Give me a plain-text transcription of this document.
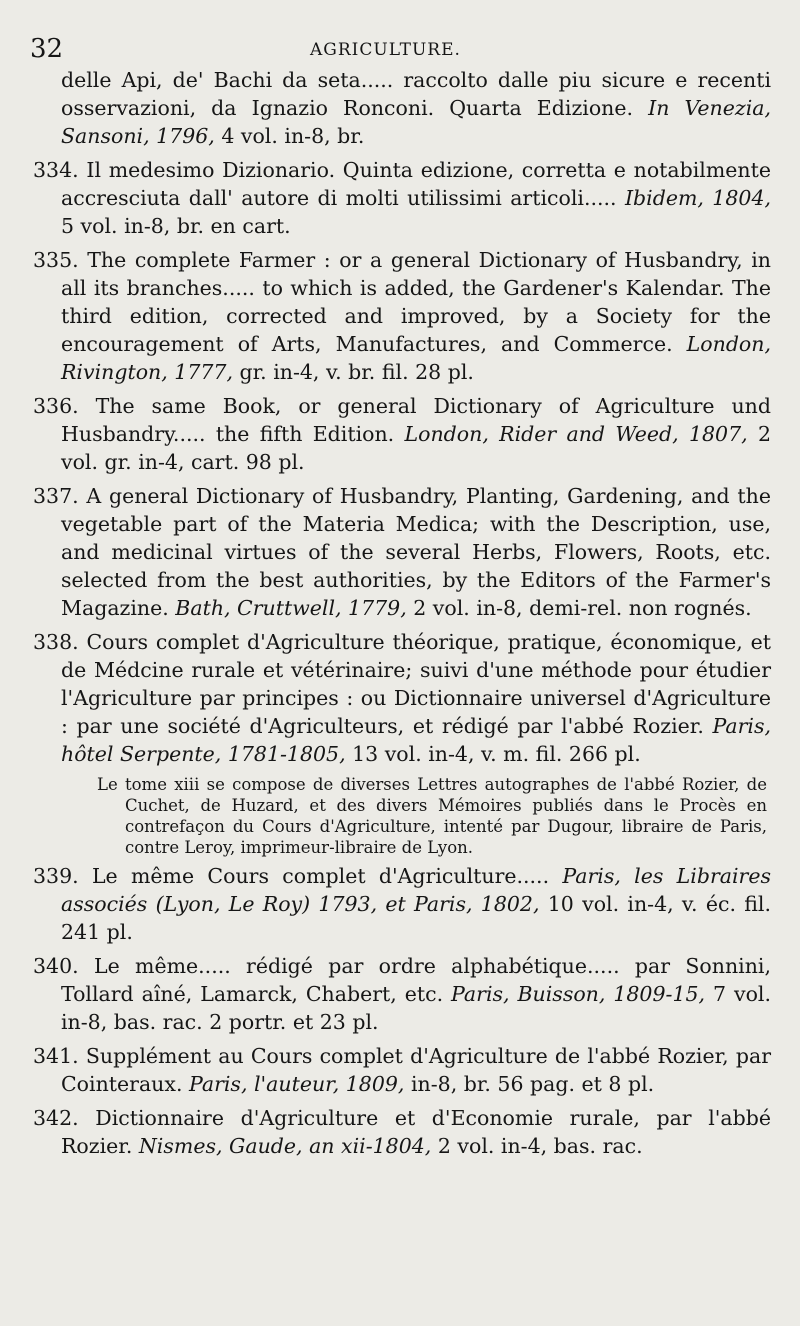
32	AGRICULTURE.

delle Api, de' Bachi da seta..... raccolto dalle piu sicure e recenti osservazioni, da Ignazio Ronconi. Quarta Edizione. In Venezia, Sansoni, 1796, 4 vol. in-8, br.

334. Il medesimo Dizionario. Quinta edizione, corretta e notabilmente accresciuta dall' autore di molti utilissimi articoli..... Ibidem, 1804, 5 vol. in-8, br. en cart.

335. The complete Farmer : or a general Dictionary of Husbandry, in all its branches..... to which is added, the Gardener's Kalendar. The third edition, corrected and improved, by a Society for the encouragement of Arts, Manufactures, and Commerce. London, Rivington, 1777, gr. in-4, v. br. fil. 28 pl.

336. The same Book, or general Dictionary of Agriculture und Husbandry..... the fifth Edition. London, Rider and Weed, 1807, 2 vol. gr. in-4, cart. 98 pl.

337. A general Dictionary of Husbandry, Planting, Gardening, and the vegetable part of the Materia Medica; with the Description, use, and medicinal virtues of the several Herbs, Flowers, Roots, etc. selected from the best authorities, by the Editors of the Farmer's Magazine. Bath, Cruttwell, 1779, 2 vol. in-8, demi-rel. non rognés.

338. Cours complet d'Agriculture théorique, pratique, économique, et de Médcine rurale et vétérinaire; suivi d'une méthode pour étudier l'Agriculture par principes : ou Dictionnaire universel d'Agriculture : par une société d'Agriculteurs, et rédigé par l'abbé Rozier. Paris, hôtel Serpente, 1781-1805, 13 vol. in-4, v. m. fil. 266 pl.

Le tome xiii se compose de diverses Lettres autographes de l'abbé Rozier, de Cuchet, de Huzard, et des divers Mémoires publiés dans le Procès en contrefaçon du Cours d'Agriculture, intenté par Dugour, libraire de Paris, contre Leroy, imprimeur-libraire de Lyon.

339. Le même Cours complet d'Agriculture..... Paris, les Libraires associés (Lyon, Le Roy) 1793, et Paris, 1802, 10 vol. in-4, v. éc. fil. 241 pl.

340. Le même..... rédigé par ordre alphabétique..... par Sonnini, Tollard aîné, Lamarck, Chabert, etc. Paris, Buisson, 1809-15, 7 vol. in-8, bas. rac. 2 portr. et 23 pl.

341. Supplément au Cours complet d'Agriculture de l'abbé Rozier, par Cointeraux. Paris, l'auteur, 1809, in-8, br. 56 pag. et 8 pl.

342. Dictionnaire d'Agriculture et d'Economie rurale, par l'abbé Rozier. Nismes, Gaude, an xii-1804, 2 vol. in-4, bas. rac.
